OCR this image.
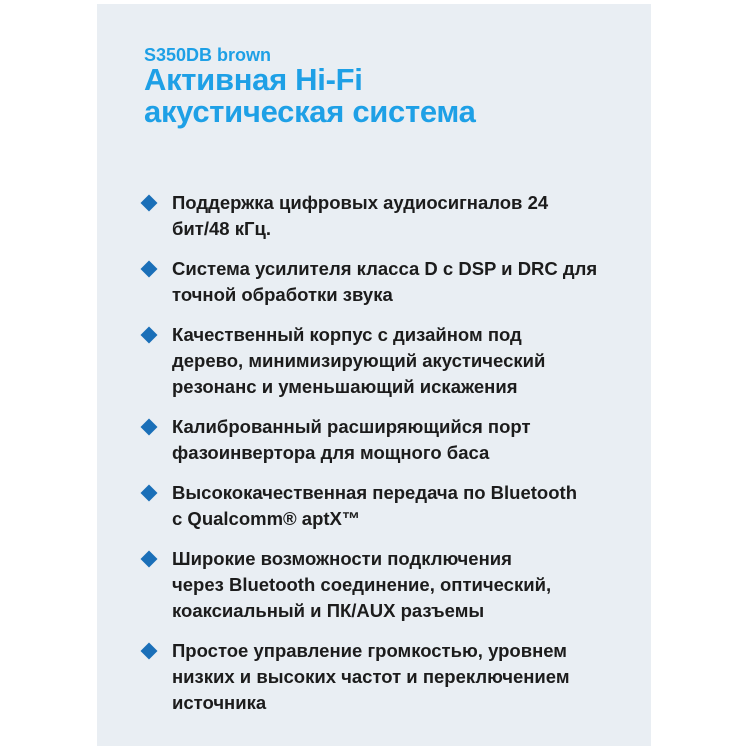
S350DB brown
Активная Hi-Fi
акустическая система
Поддержка цифровых аудиосигналов 24
бит/48 кГц.
Система усилителя класса D с DSP и DRC для
точной обработки звука
Качественный корпус с дизайном под
дерево, минимизирующий акустический
резонанс и уменьшающий искажения
Калиброванный расширяющийся порт
фазоинвертора для мощного баса
Высококачественная передача по Bluetooth
с Qualcomm® aptX™
Широкие возможности подключения
через Bluetooth соединение, оптический,
коаксиальный и ПК/AUX разъемы
Простое управление громкостью, уровнем
низких и высоких частот и переключением
источника
